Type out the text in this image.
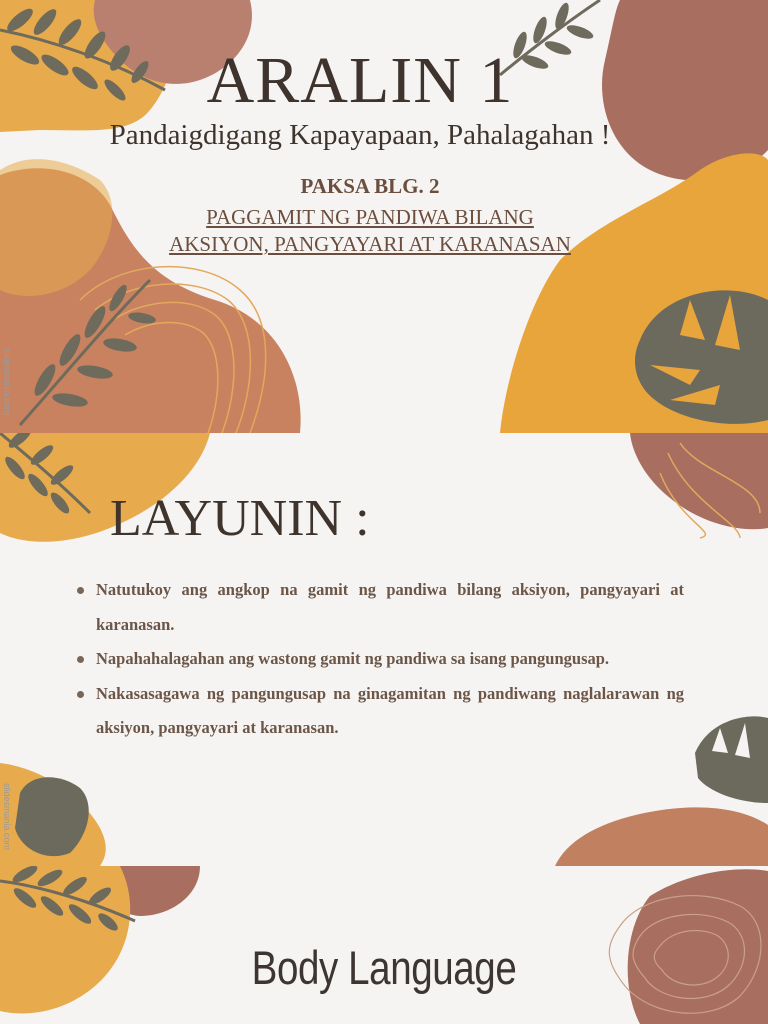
ARALIN 1

Pandaigdigang Kapayapaan, Pahalagahan !

PAKSA BLG. 2

PAGGAMIT NG PANDIWA BILANG
AKSIYON, PANGYAYARI AT KARANASAN

slidesmania.com

LAYUNIN :

Natutukoy ang angkop na gamit ng pandiwa bilang aksiyon, pangyayari at karanasan.
Napahahalagahan ang wastong gamit ng pandiwa sa isang pangungusap.
Nakasasagawa ng pangungusap na ginagamitan ng pandiwang naglalarawan ng aksiyon, pangyayari at karanasan.
slidesmania.com

Body Language
